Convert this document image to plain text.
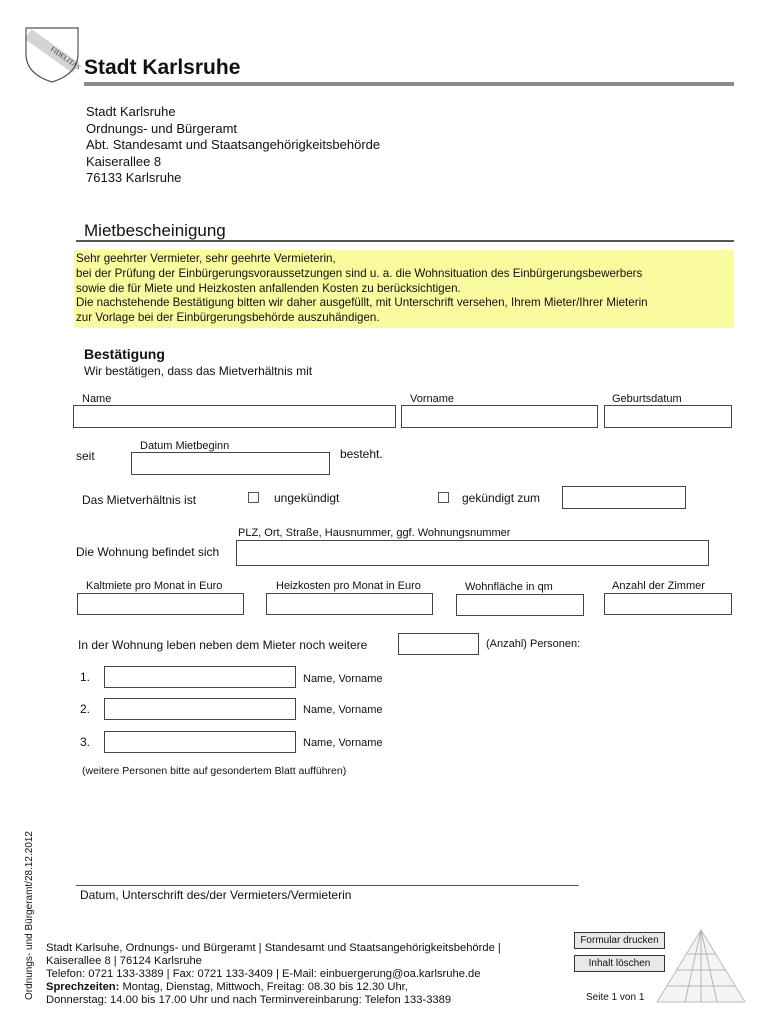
FIDELITAS Stadt Karlsruhe
Stadt Karlsruhe
Ordnungs- und Bürgeramt
Abt. Standesamt und Staatsangehörigkeitsbehörde
Kaiserallee 8
76133 Karlsruhe
Mietbescheinigung
Sehr geehrter Vermieter, sehr geehrte Vermieterin,
bei der Prüfung der Einbürgerungsvoraussetzungen sind u. a. die Wohnsituation des Einbürgerungsbewerbers
sowie die für Miete und Heizkosten anfallenden Kosten zu berücksichtigen.
Die nachstehende Bestätigung bitten wir daher ausgefüllt, mit Unterschrift versehen, Ihrem Mieter/Ihrer Mieterin
zur Vorlage bei der Einbürgerungsbehörde auszuhändigen.
Bestätigung
Wir bestätigen, dass das Mietverhältnis mit
Name	Vorname	Geburtsdatum
seit
Datum Mietbeginn
besteht.
Das Mietverhältnis ist	ungekündigt	gekündigt zum
PLZ, Ort, Straße, Hausnummer, ggf. Wohnungsnummer
Die Wohnung befindet sich
Kaltmiete pro Monat in Euro	Heizkosten pro Monat in Euro	Wohnfläche in qm	Anzahl der Zimmer
In der Wohnung leben neben dem Mieter noch weitere	(Anzahl) Personen:
1.	Name, Vorname
2.	Name, Vorname
3.	Name, Vorname
(weitere Personen bitte auf gesondertem Blatt aufführen)
Datum, Unterschrift des/der Vermieters/Vermieterin
Ordnungs- und Bürgeramt/28.12.2012 Stadt Karlsuhe, Ordnungs- und Bürgeramt | Standesamt und Staatsangehörigkeitsbehörde |
Kaiserallee 8 | 76124 Karlsruhe
Telefon: 0721 133-3389 | Fax: 0721 133-3409 | E-Mail: einbuergerung@oa.karlsruhe.de
Sprechzeiten: Montag, Dienstag, Mittwoch, Freitag: 08.30 bis 12.30 Uhr,
Donnerstag: 14.00 bis 17.00 Uhr und nach Terminvereinbarung: Telefon 133-3389
Formular drucken
Inhalt löschen
Seite 1 von 1
